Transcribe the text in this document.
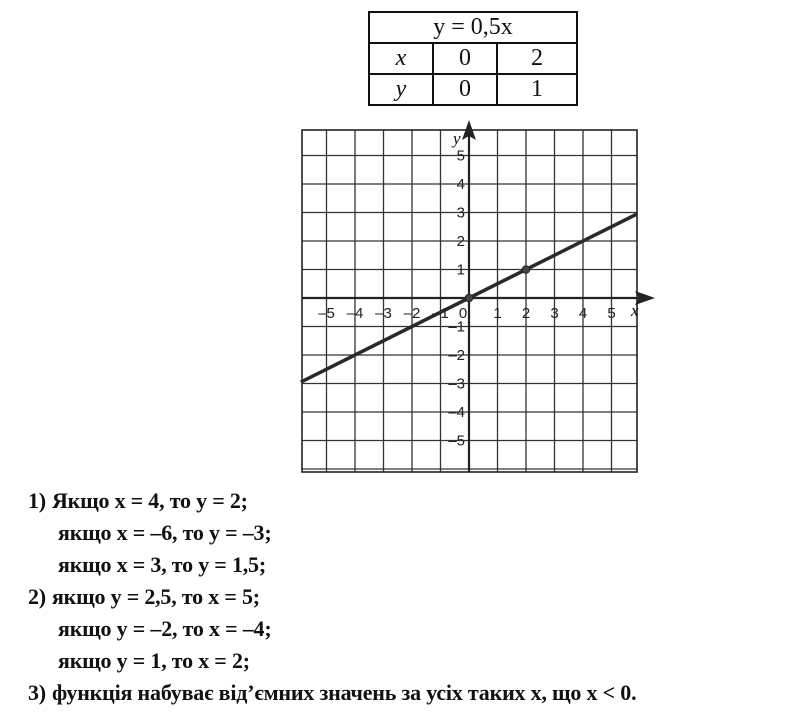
y = 0,5x		
x	0	2
y	0	1
–5 –4 –3 –2 –1 0 1 2 3 4 5
5
4
3
2
1
–1
–2
–3
–4
–5
x
y
1) Якщо x = 4, то y = 2;
якщо x = –6, то y = –3;
якщо x = 3, то y = 1,5;
2) якщо y = 2,5, то x = 5;
якщо y = –2, то x = –4;
якщо y = 1, то x = 2;
3) функція набуває від’ємних значень за усіх таких x, що x < 0.
